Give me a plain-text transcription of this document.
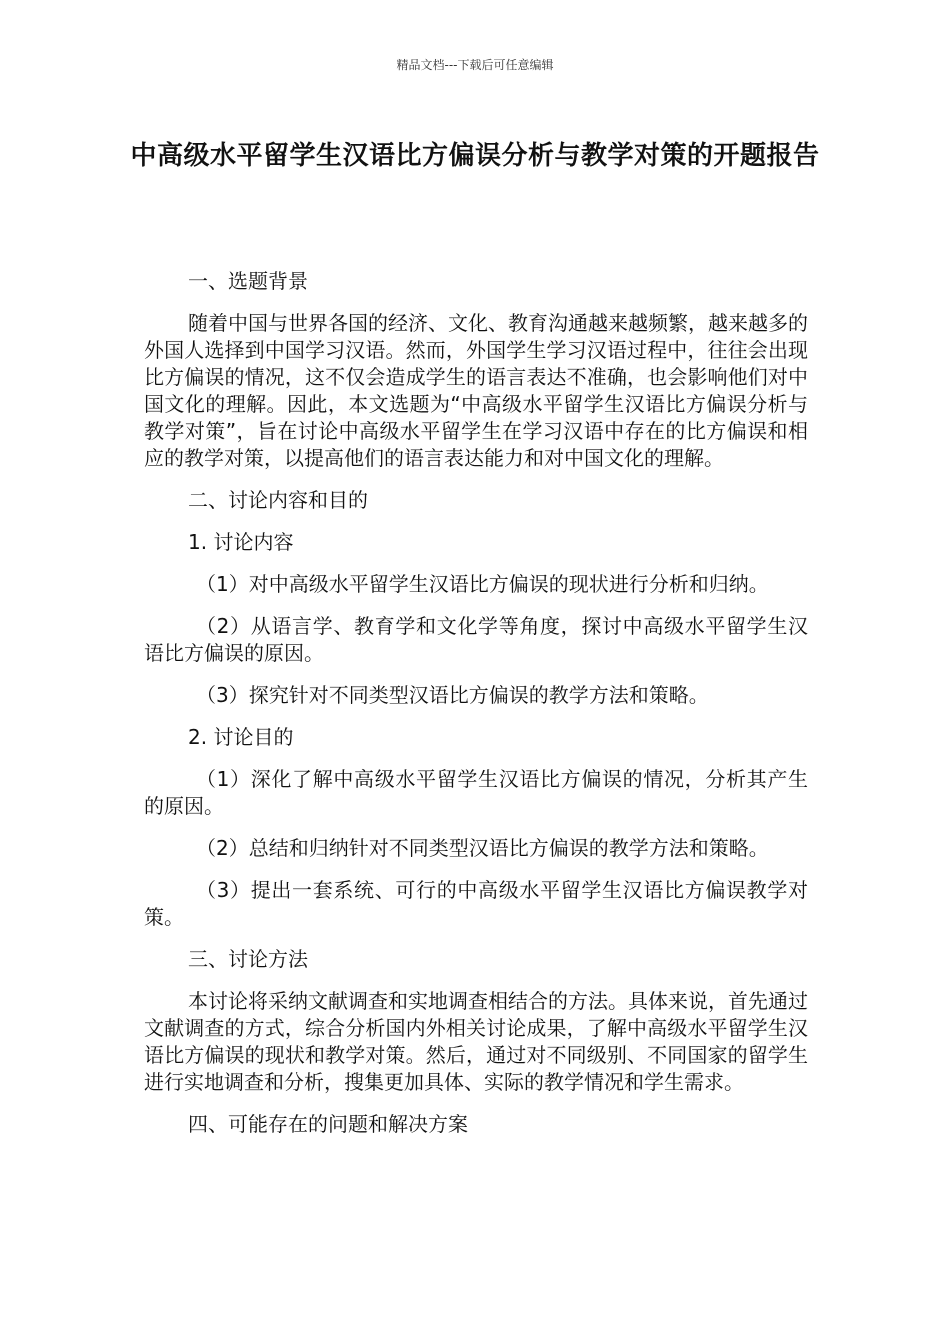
精品文档---下载后可任意编辑
中高级水平留学生汉语比方偏误分析与教学对策的开题报告

一、选题背景

随着中国与世界各国的经济、文化、教育沟通越来越频繁，越来越多的外国人选择到中国学习汉语。然而，外国学生学习汉语过程中，往往会出现比方偏误的情况，这不仅会造成学生的语言表达不准确，也会影响他们对中国文化的理解。因此，本文选题为“中高级水平留学生汉语比方偏误分析与教学对策”，旨在讨论中高级水平留学生在学习汉语中存在的比方偏误和相应的教学对策，以提高他们的语言表达能力和对中国文化的理解。

二、讨论内容和目的

1. 讨论内容

（1）对中高级水平留学生汉语比方偏误的现状进行分析和归纳。

（2）从语言学、教育学和文化学等角度，探讨中高级水平留学生汉语比方偏误的原因。

（3）探究针对不同类型汉语比方偏误的教学方法和策略。

2. 讨论目的

（1）深化了解中高级水平留学生汉语比方偏误的情况，分析其产生的原因。

（2）总结和归纳针对不同类型汉语比方偏误的教学方法和策略。

（3）提出一套系统、可行的中高级水平留学生汉语比方偏误教学对策。

三、讨论方法

本讨论将采纳文献调查和实地调查相结合的方法。具体来说，首先通过文献调查的方式，综合分析国内外相关讨论成果，了解中高级水平留学生汉语比方偏误的现状和教学对策。然后，通过对不同级别、不同国家的留学生进行实地调查和分析，搜集更加具体、实际的教学情况和学生需求。

四、可能存在的问题和解决方案
